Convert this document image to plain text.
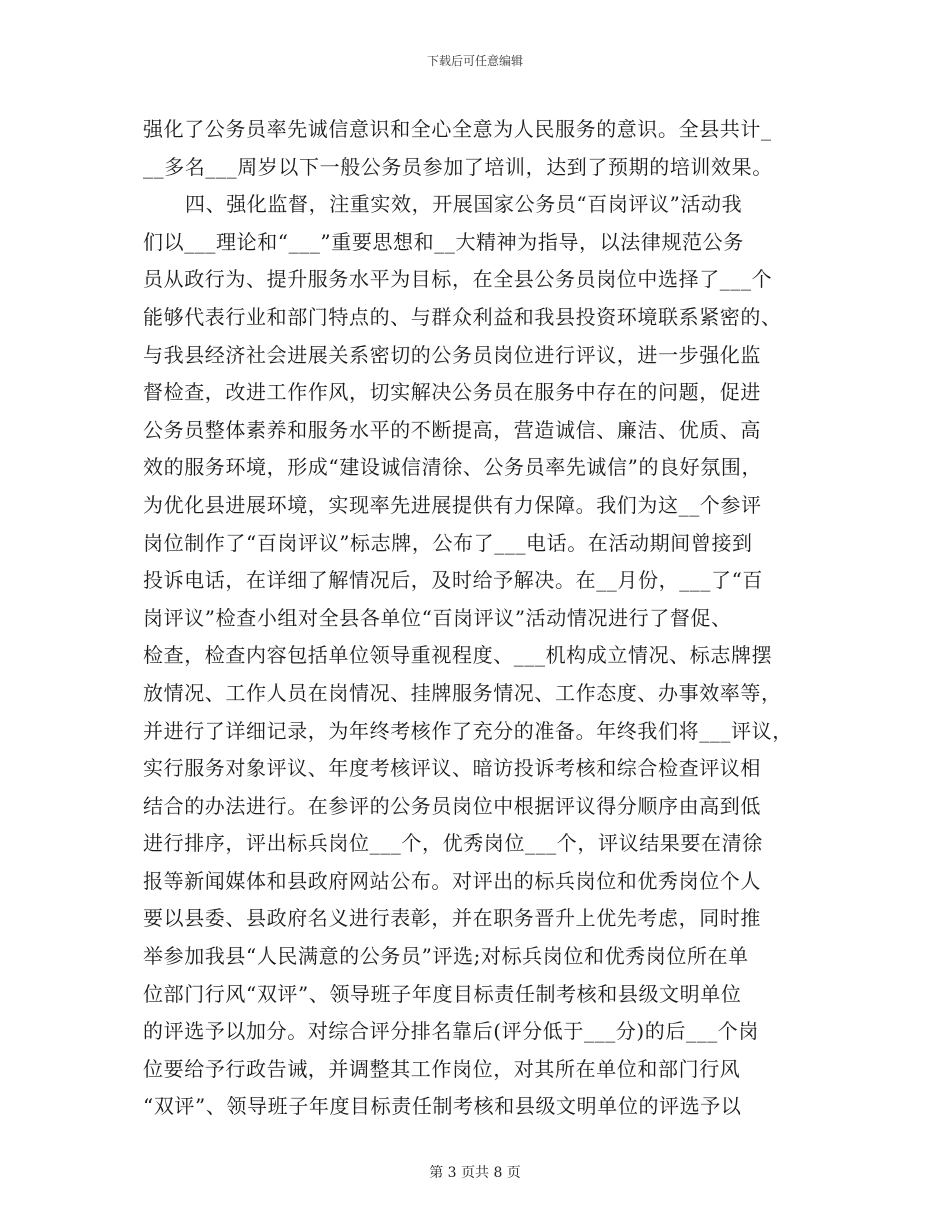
下载后可任意编辑
强化了公务员率先诚信意识和全心全意为人民服务的意识。全县共计_
__多名___周岁以下一般公务员参加了培训，达到了预期的培训效果。
四、强化监督，注重实效，开展国家公务员“百岗评议”活动我
们以___理论和“___”重要思想和__大精神为指导，以法律规范公务
员从政行为、提升服务水平为目标，在全县公务员岗位中选择了___个
能够代表行业和部门特点的、与群众利益和我县投资环境联系紧密的、
与我县经济社会进展关系密切的公务员岗位进行评议，进一步强化监
督检查，改进工作作风，切实解决公务员在服务中存在的问题，促进
公务员整体素养和服务水平的不断提高，营造诚信、廉洁、优质、高
效的服务环境，形成“建设诚信清徐、公务员率先诚信”的良好氛围，
为优化县进展环境，实现率先进展提供有力保障。我们为这__个参评
岗位制作了“百岗评议”标志牌，公布了___电话。在活动期间曾接到
投诉电话，在详细了解情况后，及时给予解决。在__月份，___了“百
岗评议”检查小组对全县各单位“百岗评议”活动情况进行了督促、
检查，检查内容包括单位领导重视程度、___机构成立情况、标志牌摆
放情况、工作人员在岗情况、挂牌服务情况、工作态度、办事效率等，
并进行了详细记录，为年终考核作了充分的准备。年终我们将___评议，
实行服务对象评议、年度考核评议、暗访投诉考核和综合检查评议相
结合的办法进行。在参评的公务员岗位中根据评议得分顺序由高到低
进行排序，评出标兵岗位___个，优秀岗位___个，评议结果要在清徐
报等新闻媒体和县政府网站公布。对评出的标兵岗位和优秀岗位个人
要以县委、县政府名义进行表彰，并在职务晋升上优先考虑，同时推
举参加我县“人民满意的公务员”评选;对标兵岗位和优秀岗位所在单
位部门行风“双评”、领导班子年度目标责任制考核和县级文明单位
的评选予以加分。对综合评分排名靠后(评分低于___分)的后___个岗
位要给予行政告诫，并调整其工作岗位，对其所在单位和部门行风
“双评”、领导班子年度目标责任制考核和县级文明单位的评选予以
第 3 页共 8 页
